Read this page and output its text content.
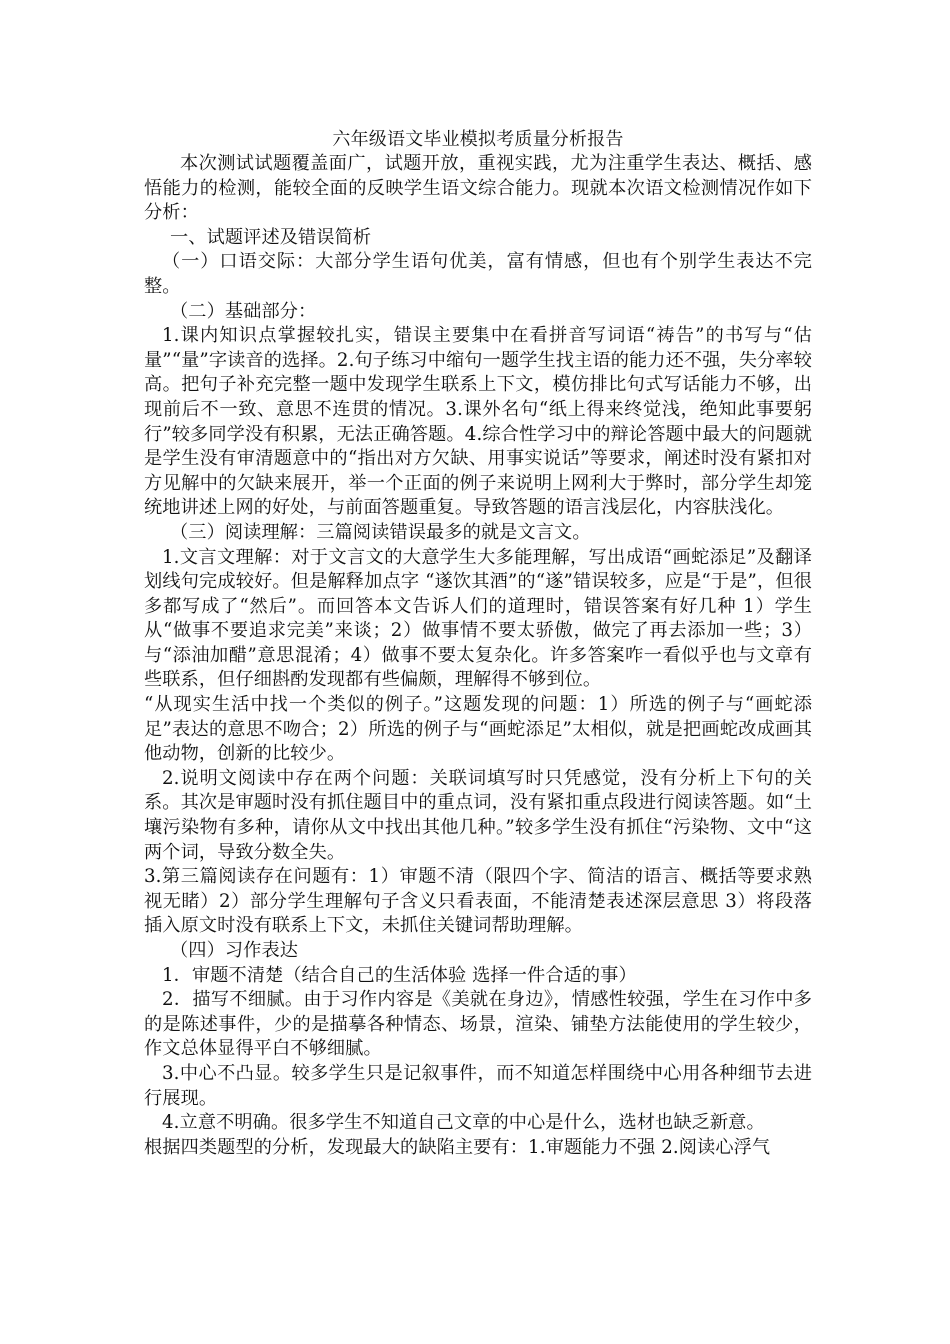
六年级语文毕业模拟考质量分析报告

本次测试试题覆盖面广，试题开放，重视实践，尤为注重学生表达、概括、感悟能力的检测，能较全面的反映学生语文综合能力。现就本次语文检测情况作如下分析：

一、试题评述及错误简析

（一）口语交际：大部分学生语句优美，富有情感，但也有个别学生表达不完整。

（二）基础部分：

1.课内知识点掌握较扎实，错误主要集中在看拼音写词语“祷告”的书写与“估量”“量”字读音的选择。2.句子练习中缩句一题学生找主语的能力还不强，失分率较高。把句子补充完整一题中发现学生联系上下文，模仿排比句式写话能力不够，出现前后不一致、意思不连贯的情况。3.课外名句“纸上得来终觉浅，绝知此事要躬行”较多同学没有积累，无法正确答题。4.综合性学习中的辩论答题中最大的问题就是学生没有审清题意中的“指出对方欠缺、用事实说话”等要求，阐述时没有紧扣对方见解中的欠缺来展开，举一个正面的例子来说明上网利大于弊时，部分学生却笼统地讲述上网的好处，与前面答题重复。导致答题的语言浅层化，内容肤浅化。

（三）阅读理解：三篇阅读错误最多的就是文言文。

1.文言文理解：对于文言文的大意学生大多能理解，写出成语“画蛇添足”及翻译划线句完成较好。但是解释加点字 “遂饮其酒”的“遂”错误较多，应是“于是”，但很多都写成了“然后”。而回答本文告诉人们的道理时，错误答案有好几种 1）学生从“做事不要追求完美”来谈；2）做事情不要太骄傲，做完了再去添加一些；3）与“添油加醋”意思混淆；4）做事不要太复杂化。许多答案咋一看似乎也与文章有些联系，但仔细斟酌发现都有些偏颇，理解得不够到位。

“从现实生活中找一个类似的例子。”这题发现的问题：1）所选的例子与“画蛇添足”表达的意思不吻合；2）所选的例子与“画蛇添足”太相似，就是把画蛇改成画其他动物，创新的比较少。

2.说明文阅读中存在两个问题：关联词填写时只凭感觉，没有分析上下句的关系。其次是审题时没有抓住题目中的重点词，没有紧扣重点段进行阅读答题。如“土壤污染物有多种，请你从文中找出其他几种。”较多学生没有抓住“污染物、文中“这两个词，导致分数全失。

3.第三篇阅读存在问题有：1）审题不清（限四个字、简洁的语言、概括等要求熟视无睹）2）部分学生理解句子含义只看表面，不能清楚表述深层意思 3）将段落插入原文时没有联系上下文，未抓住关键词帮助理解。

（四）习作表达

1．审题不清楚（结合自己的生活体验 选择一件合适的事）

2．描写不细腻。由于习作内容是《美就在身边》，情感性较强，学生在习作中多的是陈述事件，少的是描摹各种情态、场景，渲染、铺垫方法能使用的学生较少，作文总体显得平白不够细腻。

3.中心不凸显。较多学生只是记叙事件，而不知道怎样围绕中心用各种细节去进行展现。

4.立意不明确。很多学生不知道自己文章的中心是什么，选材也缺乏新意。

根据四类题型的分析，发现最大的缺陷主要有：1.审题能力不强 2.阅读心浮气
